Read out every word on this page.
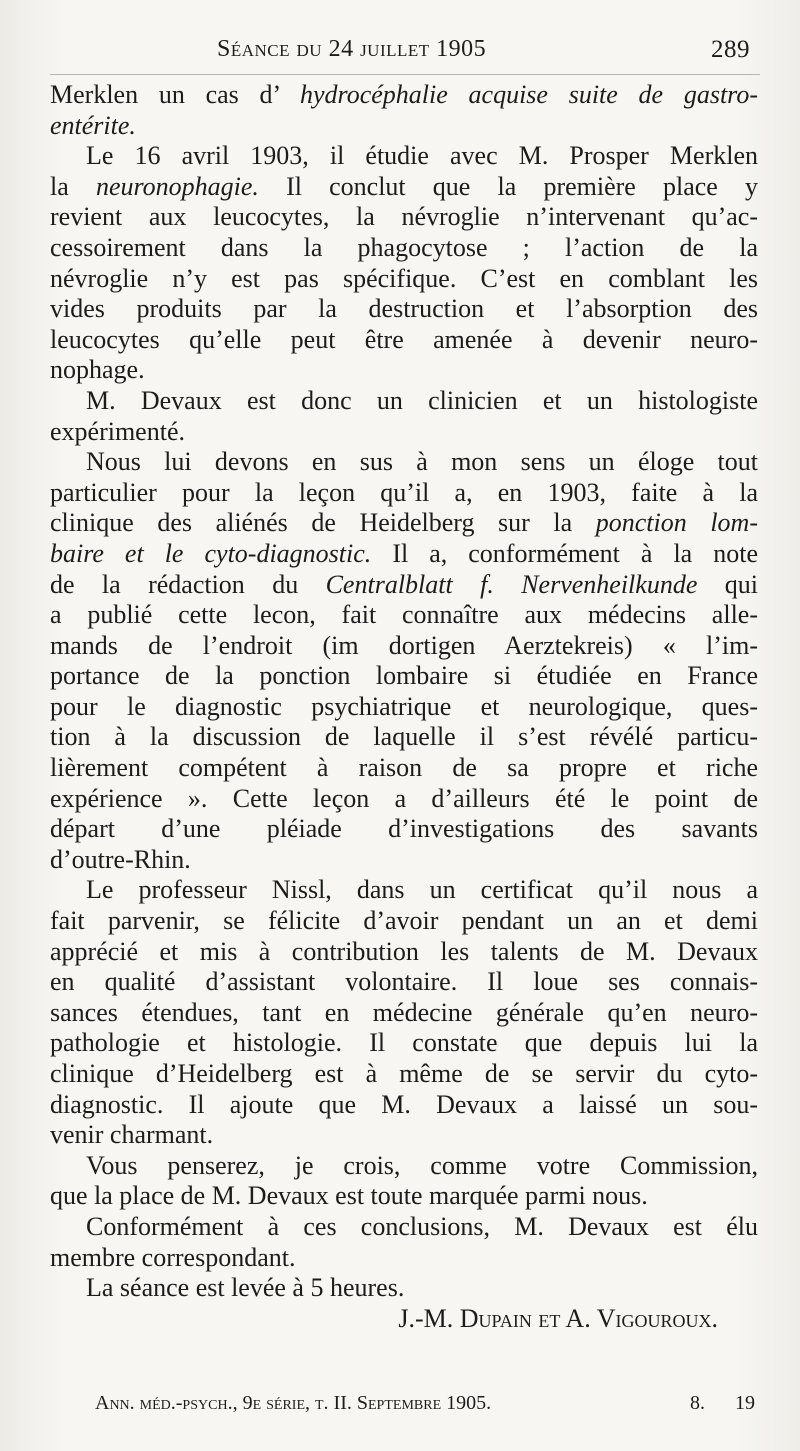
Séance du 24 juillet 1905	289
Merklen un cas d’ hydrocéphalie acquise suite de gastro-
entérite.
Le 16 avril 1903, il étudie avec M. Prosper Merklen
la neuronophagie. Il conclut que la première place y
revient aux leucocytes, la névroglie n’intervenant qu’ac-
cessoirement dans la phagocytose ; l’action de la
névroglie n’y est pas spécifique. C’est en comblant les
vides produits par la destruction et l’absorption des
leucocytes qu’elle peut être amenée à devenir neuro-
nophage.
M. Devaux est donc un clinicien et un histologiste
expérimenté.
Nous lui devons en sus à mon sens un éloge tout
particulier pour la leçon qu’il a, en 1903, faite à la
clinique des aliénés de Heidelberg sur la ponction lom-
baire et le cyto-diagnostic. Il a, conformément à la note
de la rédaction du Centralblatt f. Nervenheilkunde qui
a publié cette lecon, fait connaître aux médecins alle-
mands de l’endroit (im dortigen Aerztekreis) « l’im-
portance de la ponction lombaire si étudiée en France
pour le diagnostic psychiatrique et neurologique, ques-
tion à la discussion de laquelle il s’est révélé particu-
lièrement compétent à raison de sa propre et riche
expérience ». Cette leçon a d’ailleurs été le point de
départ d’une pléiade d’investigations des savants
d’outre-Rhin.
Le professeur Nissl, dans un certificat qu’il nous a
fait parvenir, se félicite d’avoir pendant un an et demi
apprécié et mis à contribution les talents de M. Devaux
en qualité d’assistant volontaire. Il loue ses connais-
sances étendues, tant en médecine générale qu’en neuro-
pathologie et histologie. Il constate que depuis lui la
clinique d’Heidelberg est à même de se servir du cyto-
diagnostic. Il ajoute que M. Devaux a laissé un sou-
venir charmant.
Vous penserez, je crois, comme votre Commission,
que la place de M. Devaux est toute marquée parmi nous.
Conformément à ces conclusions, M. Devaux est élu
membre correspondant.
La séance est levée à 5 heures.
J.-M. Dupain et A. Vigouroux.
Ann. méd.-psych., 9e série, t. II. Septembre 1905.	8. 19
